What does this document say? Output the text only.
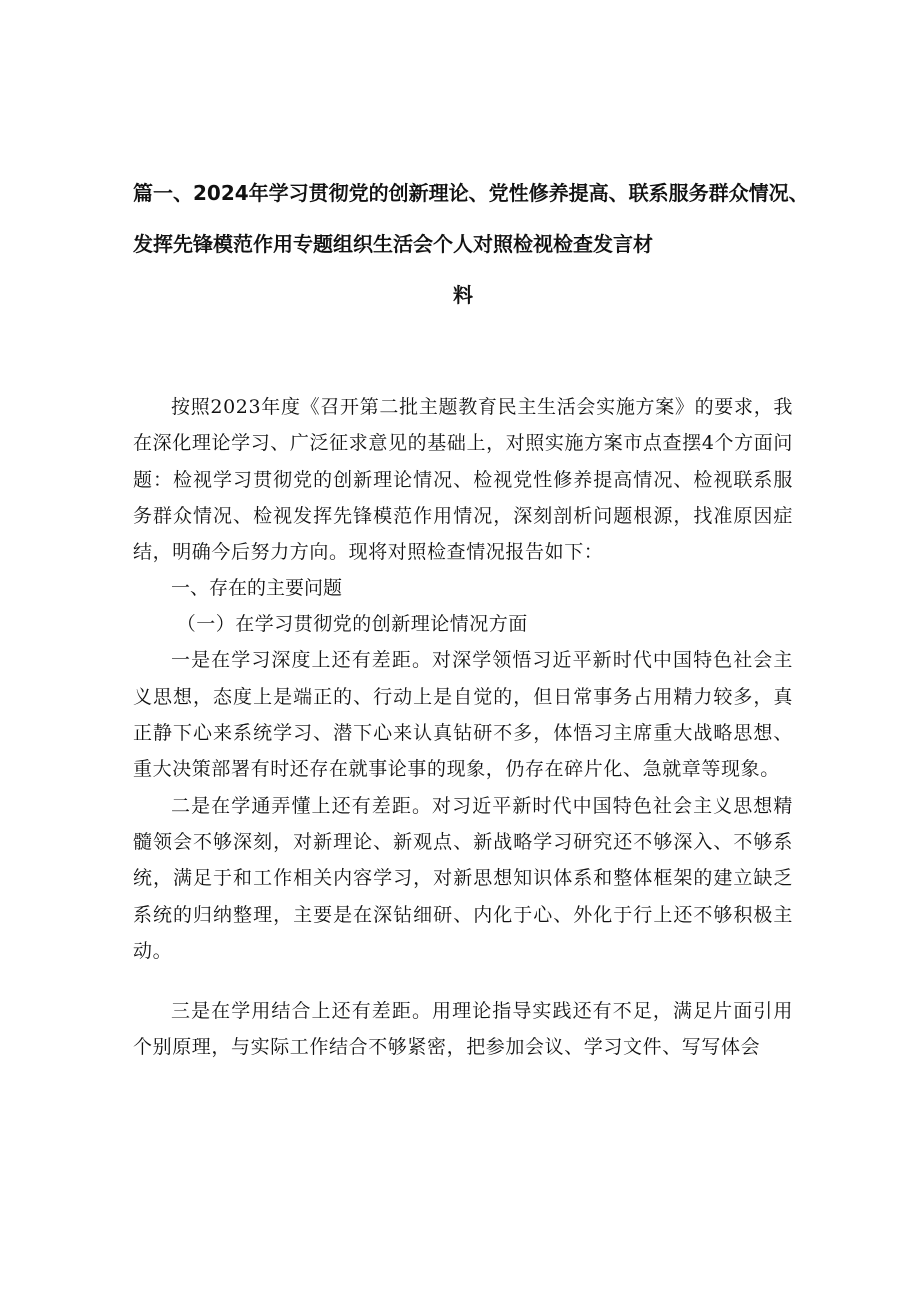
篇一、2024年学习贯彻党的创新理论、党性修养提高、联系服务群众情况、
发挥先锋模范作用专题组织生活会个人对照检视检查发言材
料

按照2023年度《召开第二批主题教育民主生活会实施方案》的要求，我在深化理论学习、广泛征求意见的基础上，对照实施方案市点查摆4个方面问题：检视学习贯彻党的创新理论情况、检视党性修养提高情况、检视联系服务群众情况、检视发挥先锋模范作用情况，深刻剖析问题根源，找准原因症结，明确今后努力方向。现将对照检查情况报告如下：

一、存在的主要问题

（一）在学习贯彻党的创新理论情况方面

一是在学习深度上还有差距。对深学领悟习近平新时代中国特色社会主义思想，态度上是端正的、行动上是自觉的，但日常事务占用精力较多，真正静下心来系统学习、潜下心来认真钻研不多，体悟习主席重大战略思想、重大决策部署有时还存在就事论事的现象，仍存在碎片化、急就章等现象。

二是在学通弄懂上还有差距。对习近平新时代中国特色社会主义思想精髓领会不够深刻，对新理论、新观点、新战略学习研究还不够深入、不够系统，满足于和工作相关内容学习，对新思想知识体系和整体框架的建立缺乏系统的归纳整理，主要是在深钻细研、内化于心、外化于行上还不够积极主动。

三是在学用结合上还有差距。用理论指导实践还有不足，满足片面引用个别原理，与实际工作结合不够紧密，把参加会议、学习文件、写写体会
